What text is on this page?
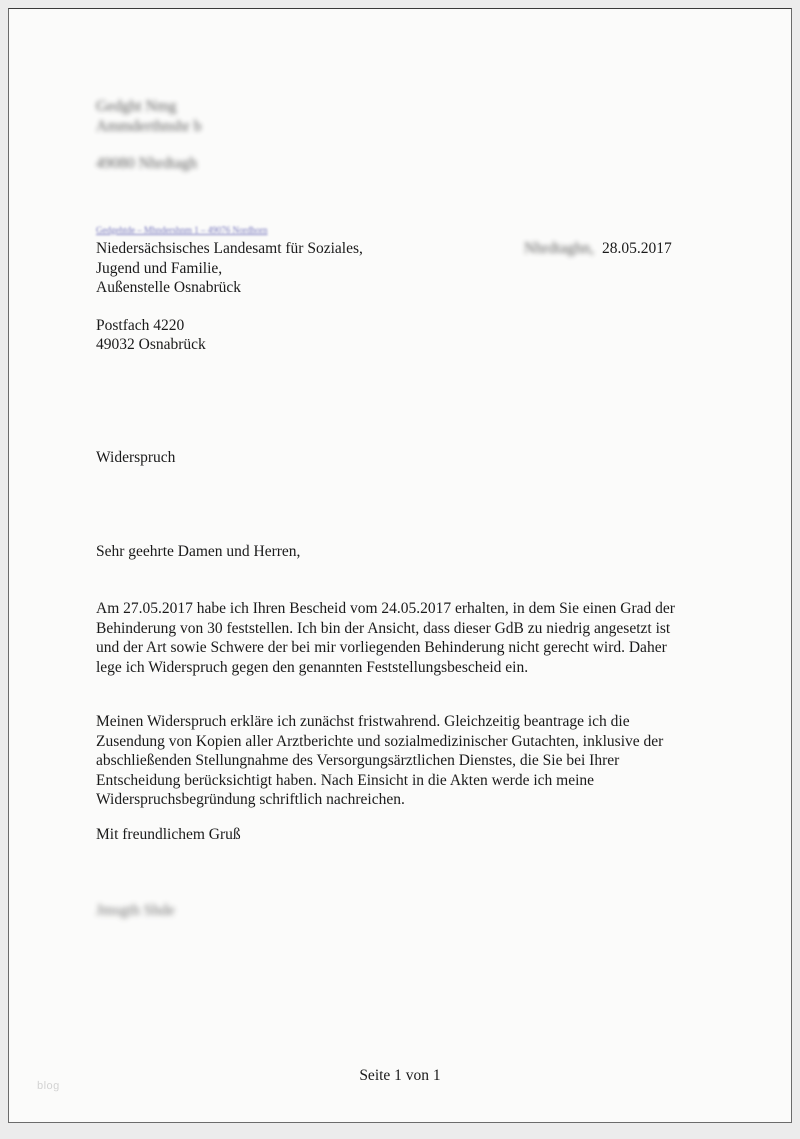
Gedght Nmg
Ammderthnshr b
49080 Nhrdtagh
Gedgehtde – Mhndershnm 1 – 49076 Nordhorn
Niedersächsisches Landesamt für Soziales,
Jugend und Familie,
Außenstelle Osnabrück
Postfach 4220
49032 Osnabrück
Nhrdtaghn, 28.05.2017
Widerspruch
Sehr geehrte Damen und Herren,
Am 27.05.2017 habe ich Ihren Bescheid vom 24.05.2017 erhalten, in dem Sie einen Grad der Behinderung von 30 feststellen. Ich bin der Ansicht, dass dieser GdB zu niedrig angesetzt ist und der Art sowie Schwere der bei mir vorliegenden Behinderung nicht gerecht wird. Daher lege ich Widerspruch gegen den genannten Feststellungsbescheid ein.
Meinen Widerspruch erkläre ich zunächst fristwahrend. Gleichzeitig beantrage ich die Zusendung von Kopien aller Arztberichte und sozialmedizinischer Gutachten, inklusive der abschließenden Stellungnahme des Versorgungsärztlichen Dienstes, die Sie bei Ihrer Entscheidung berücksichtigt haben. Nach Einsicht in die Akten werde ich meine Widerspruchsbegründung schriftlich nachreichen.
Mit freundlichem Gruß
Jmsgth Shde
Seite 1 von 1
blog
